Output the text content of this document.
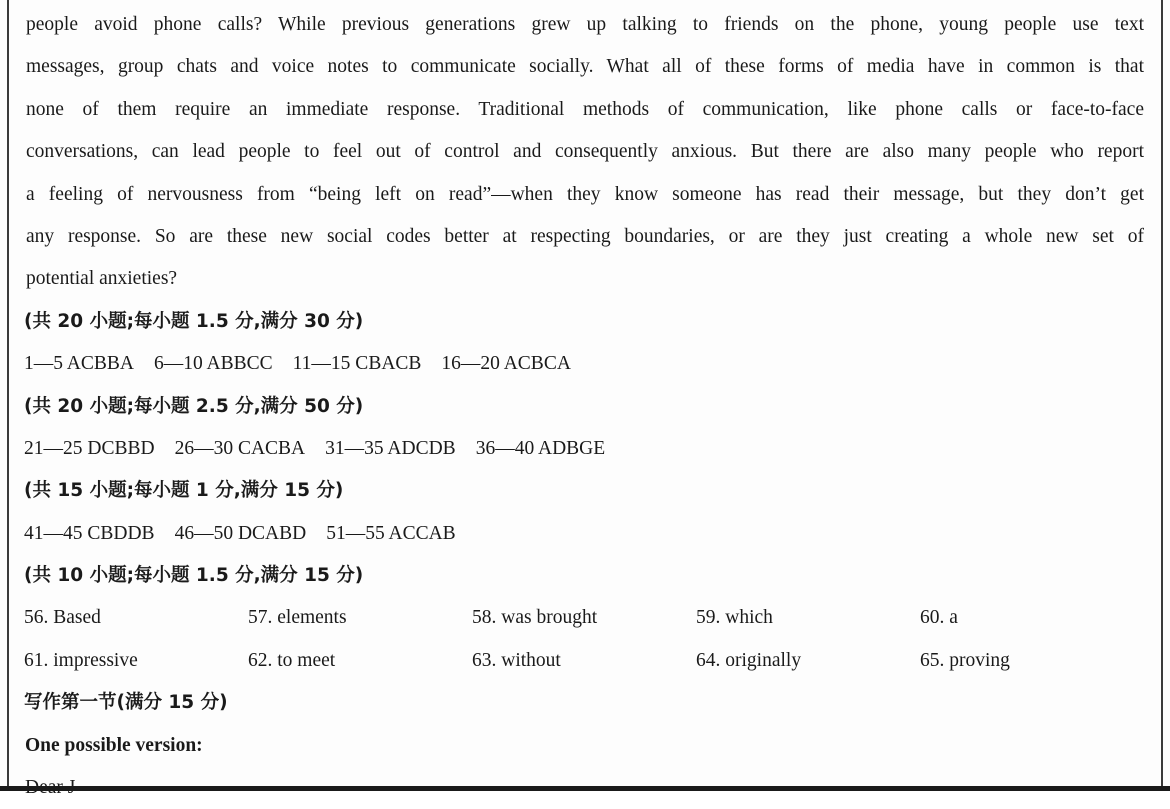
people avoid phone calls? While previous generations grew up talking to friends on the phone, young people use text
messages, group chats and voice notes to communicate socially. What all of these forms of media have in common is that
none of them require an immediate response. Traditional methods of communication, like phone calls or face-to-face
conversations, can lead people to feel out of control and consequently anxious. But there are also many people who report
a feeling of nervousness from “being left on read”—when they know someone has read their message, but they don’t get
any response. So are these new social codes better at respecting boundaries, or are they just creating a whole new set of
potential anxieties?
(共 20 小题;每小题 1.5 分,满分 30 分)
1—5 ACBBA 6—10 ABBCC 11—15 CBACB 16—20 ACBCA
(共 20 小题;每小题 2.5 分,满分 50 分)
21—25 DCBBD 26—30 CACBA 31—35 ADCDB 36—40 ADBGE
(共 15 小题;每小题 1 分,满分 15 分)
41—45 CBDDB 46—50 DCABD 51—55 ACCAB
(共 10 小题;每小题 1.5 分,满分 15 分)
56. Based	57. elements	58. was brought	59. which	60. a
61. impressive	62. to meet	63. without	64. originally	65. proving
写作第一节(满分 15 分)
One possible version:
